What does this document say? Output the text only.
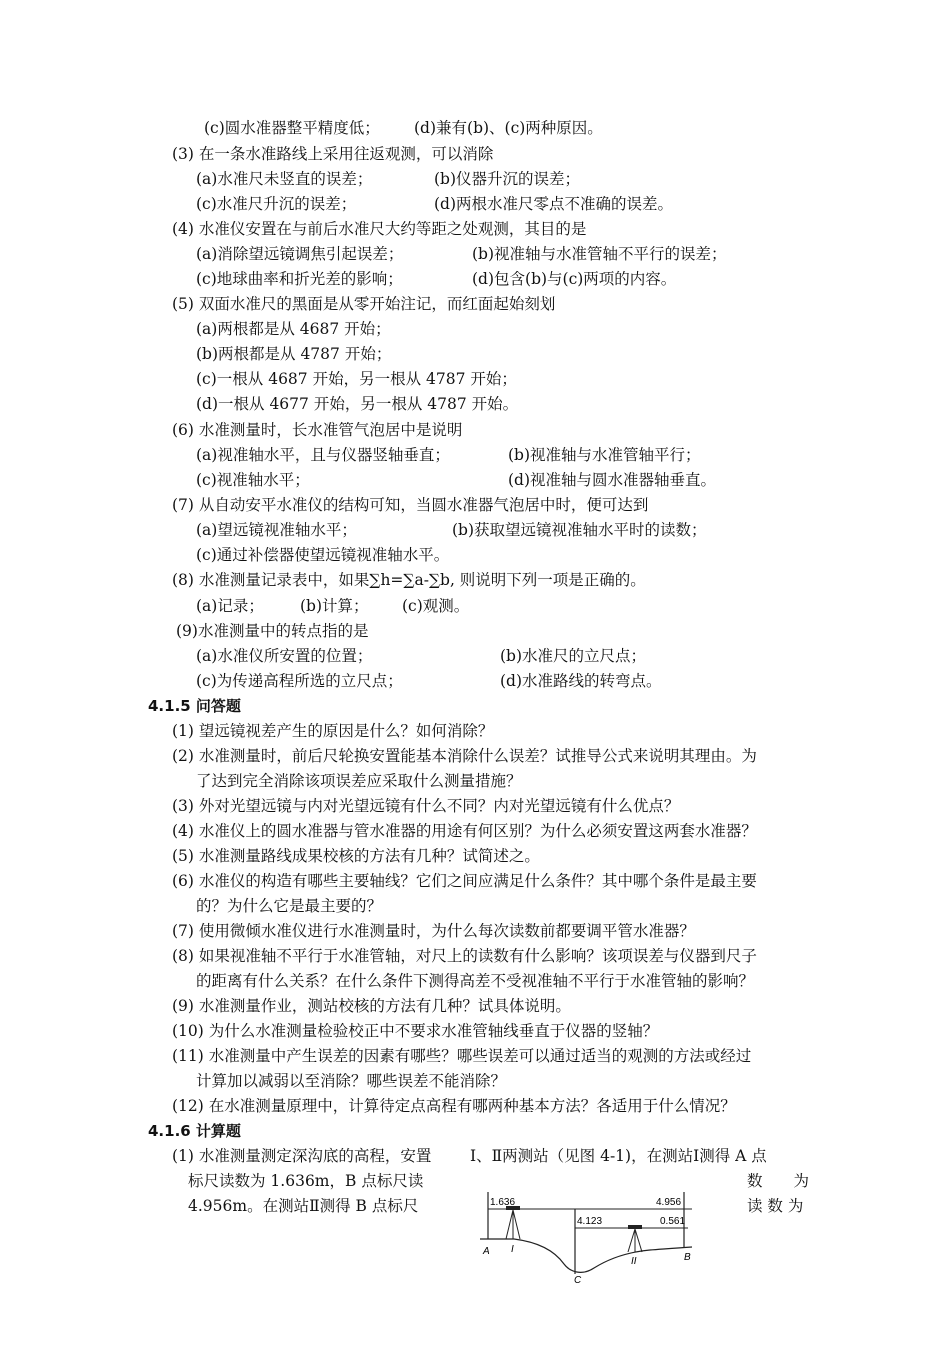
(c)圆水准器整平精度低； (d)兼有(b)、(c)两种原因。
(3) 在一条水准路线上采用往返观测，可以消除
(a)水准尺未竖直的误差；	(b)仪器升沉的误差；
(c)水准尺升沉的误差；	(d)两根水准尺零点不准确的误差。
(4) 水准仪安置在与前后水准尺大约等距之处观测，其目的是
(a)消除望远镜调焦引起误差；	(b)视准轴与水准管轴不平行的误差；
(c)地球曲率和折光差的影响；	(d)包含(b)与(c)两项的内容。
(5) 双面水准尺的黑面是从零开始注记，而红面起始刻划
(a)两根都是从 4687 开始；
(b)两根都是从 4787 开始；
(c)一根从 4687 开始，另一根从 4787 开始；
(d)一根从 4677 开始，另一根从 4787 开始。
(6) 水准测量时，长水准管气泡居中是说明
(a)视准轴水平，且与仪器竖轴垂直；	(b)视准轴与水准管轴平行；
(c)视准轴水平；	(d)视准轴与圆水准器轴垂直。
(7) 从自动安平水准仪的结构可知，当圆水准器气泡居中时，便可达到
(a)望远镜视准轴水平；	(b)获取望远镜视准轴水平时的读数；
(c)通过补偿器使望远镜视准轴水平。
(8) 水准测量记录表中，如果∑h=∑a-∑b, 则说明下列一项是正确的。
(a)记录； (b)计算； (c)观测。
(9)水准测量中的转点指的是
(a)水准仪所安置的位置；	(b)水准尺的立尺点；
(c)为传递高程所选的立尺点；	(d)水准路线的转弯点。
4.1.5 问答题
(1) 望远镜视差产生的原因是什么？如何消除？
(2) 水准测量时，前后尺轮换安置能基本消除什么误差？试推导公式来说明其理由。为
了达到完全消除该项误差应采取什么测量措施？
(3) 外对光望远镜与内对光望远镜有什么不同？内对光望远镜有什么优点？
(4) 水准仪上的圆水准器与管水准器的用途有何区别？为什么必须安置这两套水准器？
(5) 水准测量路线成果校核的方法有几种？试简述之。
(6) 水准仪的构造有哪些主要轴线？它们之间应满足什么条件？其中哪个条件是最主要
的？为什么它是最主要的？
(7) 使用微倾水准仪进行水准测量时，为什么每次读数前都要调平管水准器？
(8) 如果视准轴不平行于水准管轴，对尺上的读数有什么影响？该项误差与仪器到尺子
的距离有什么关系？在什么条件下测得高差不受视准轴不平行于水准管轴的影响？
(9) 水准测量作业，测站校核的方法有几种？试具体说明。
(10) 为什么水准测量检验校正中不要求水准管轴线垂直于仪器的竖轴？
(11) 水准测量中产生误差的因素有哪些？哪些误差可以通过适当的观测的方法或经过
计算加以减弱以至消除？哪些误差不能消除？
(12) 在水准测量原理中，计算待定点高程有哪两种基本方法？各适用于什么情况？
4.1.6 计算题
(1) 水准测量测定深沟底的高程，安置 Ⅰ、Ⅱ两测站（见图 4-1)，在测站Ⅰ测得 A 点
标尺读数为 1.636m，B 点标尺读	数　　为
4.956m。在测站Ⅱ测得 B 点标尺	读 数 为
1.636	4.956
4.123	0.561
A I
II	B
C
